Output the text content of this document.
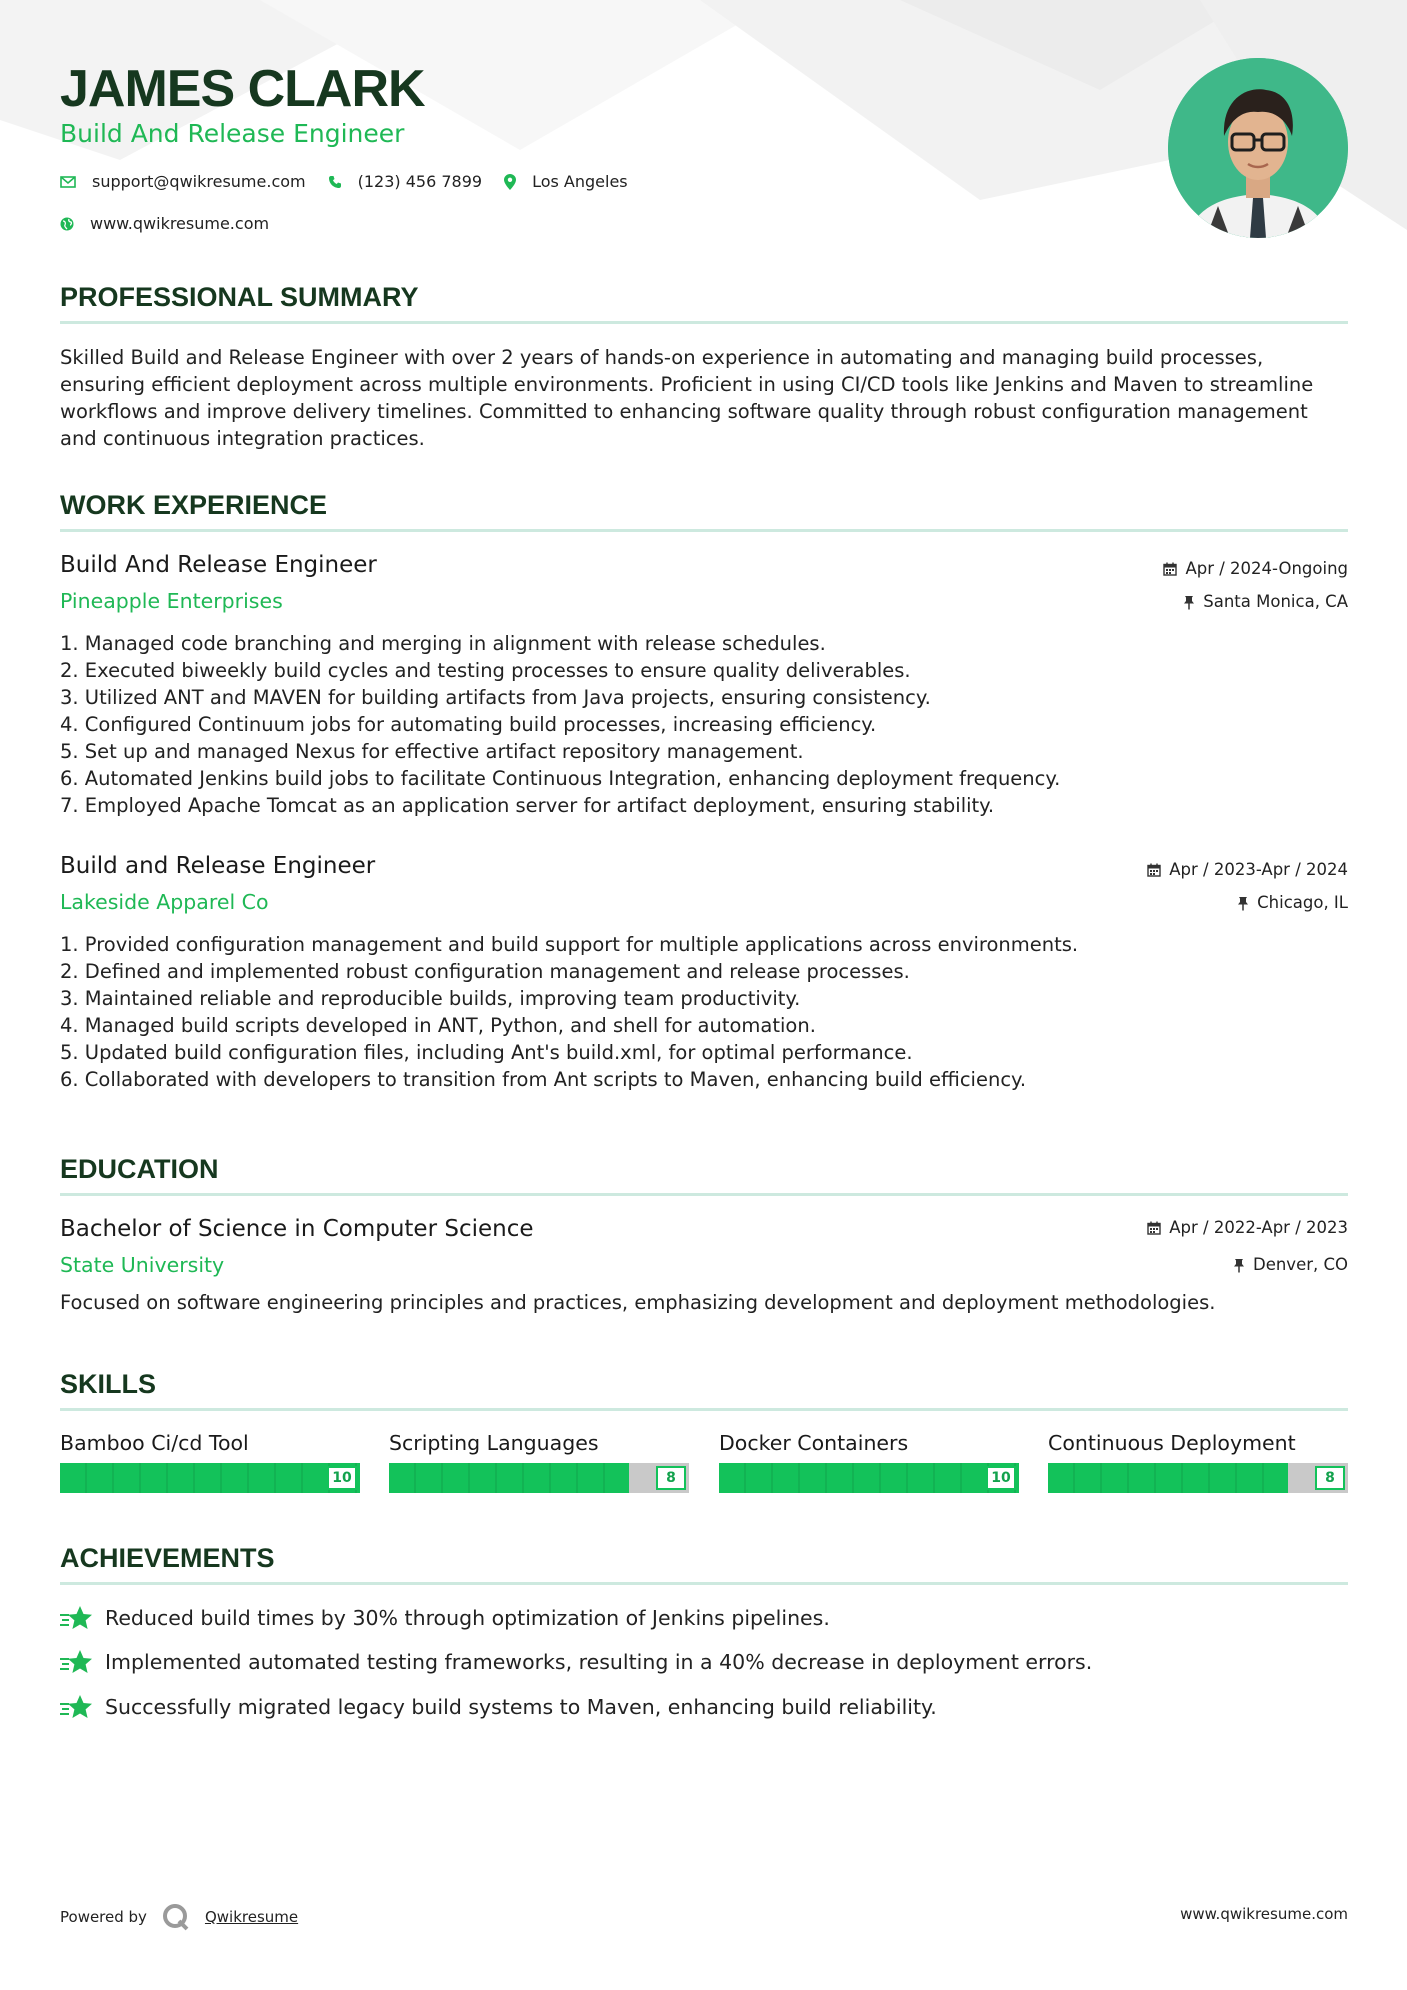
JAMES CLARK
Build And Release Engineer
support@qwikresume.com	(123) 456 7899	Los Angeles
www.qwikresume.com
PROFESSIONAL SUMMARY

Skilled Build and Release Engineer with over 2 years of hands-on experience in automating and managing build processes, ensuring efficient deployment across multiple environments. Proficient in using CI/CD tools like Jenkins and Maven to streamline workflows and improve delivery timelines. Committed to enhancing software quality through robust configuration management and continuous integration practices.

WORK EXPERIENCE
Build And Release Engineer	Apr / 2024-Ongoing
Pineapple Enterprises	Santa Monica, CA
1. Managed code branching and merging in alignment with release schedules.
2. Executed biweekly build cycles and testing processes to ensure quality deliverables.
3. Utilized ANT and MAVEN for building artifacts from Java projects, ensuring consistency.
4. Configured Continuum jobs for automating build processes, increasing efficiency.
5. Set up and managed Nexus for effective artifact repository management.
6. Automated Jenkins build jobs to facilitate Continuous Integration, enhancing deployment frequency.
7. Employed Apache Tomcat as an application server for artifact deployment, ensuring stability.
Build and Release Engineer	Apr / 2023-Apr / 2024
Lakeside Apparel Co	Chicago, IL
1. Provided configuration management and build support for multiple applications across environments.
2. Defined and implemented robust configuration management and release processes.
3. Maintained reliable and reproducible builds, improving team productivity.
4. Managed build scripts developed in ANT, Python, and shell for automation.
5. Updated build configuration files, including Ant's build.xml, for optimal performance.
6. Collaborated with developers to transition from Ant scripts to Maven, enhancing build efficiency.
EDUCATION
Bachelor of Science in Computer Science	Apr / 2022-Apr / 2023
State University	Denver, CO

Focused on software engineering principles and practices, emphasizing development and deployment methodologies.

SKILLS
Bamboo Ci/cd Tool
10
Scripting Languages
8
Docker Containers
10
Continuous Deployment
8
ACHIEVEMENTS
Reduced build times by 30% through optimization of Jenkins pipelines.
Implemented automated testing frameworks, resulting in a 40% decrease in deployment errors.
Successfully migrated legacy build systems to Maven, enhancing build reliability.
Powered by	Qwikresume	www.qwikresume.com
